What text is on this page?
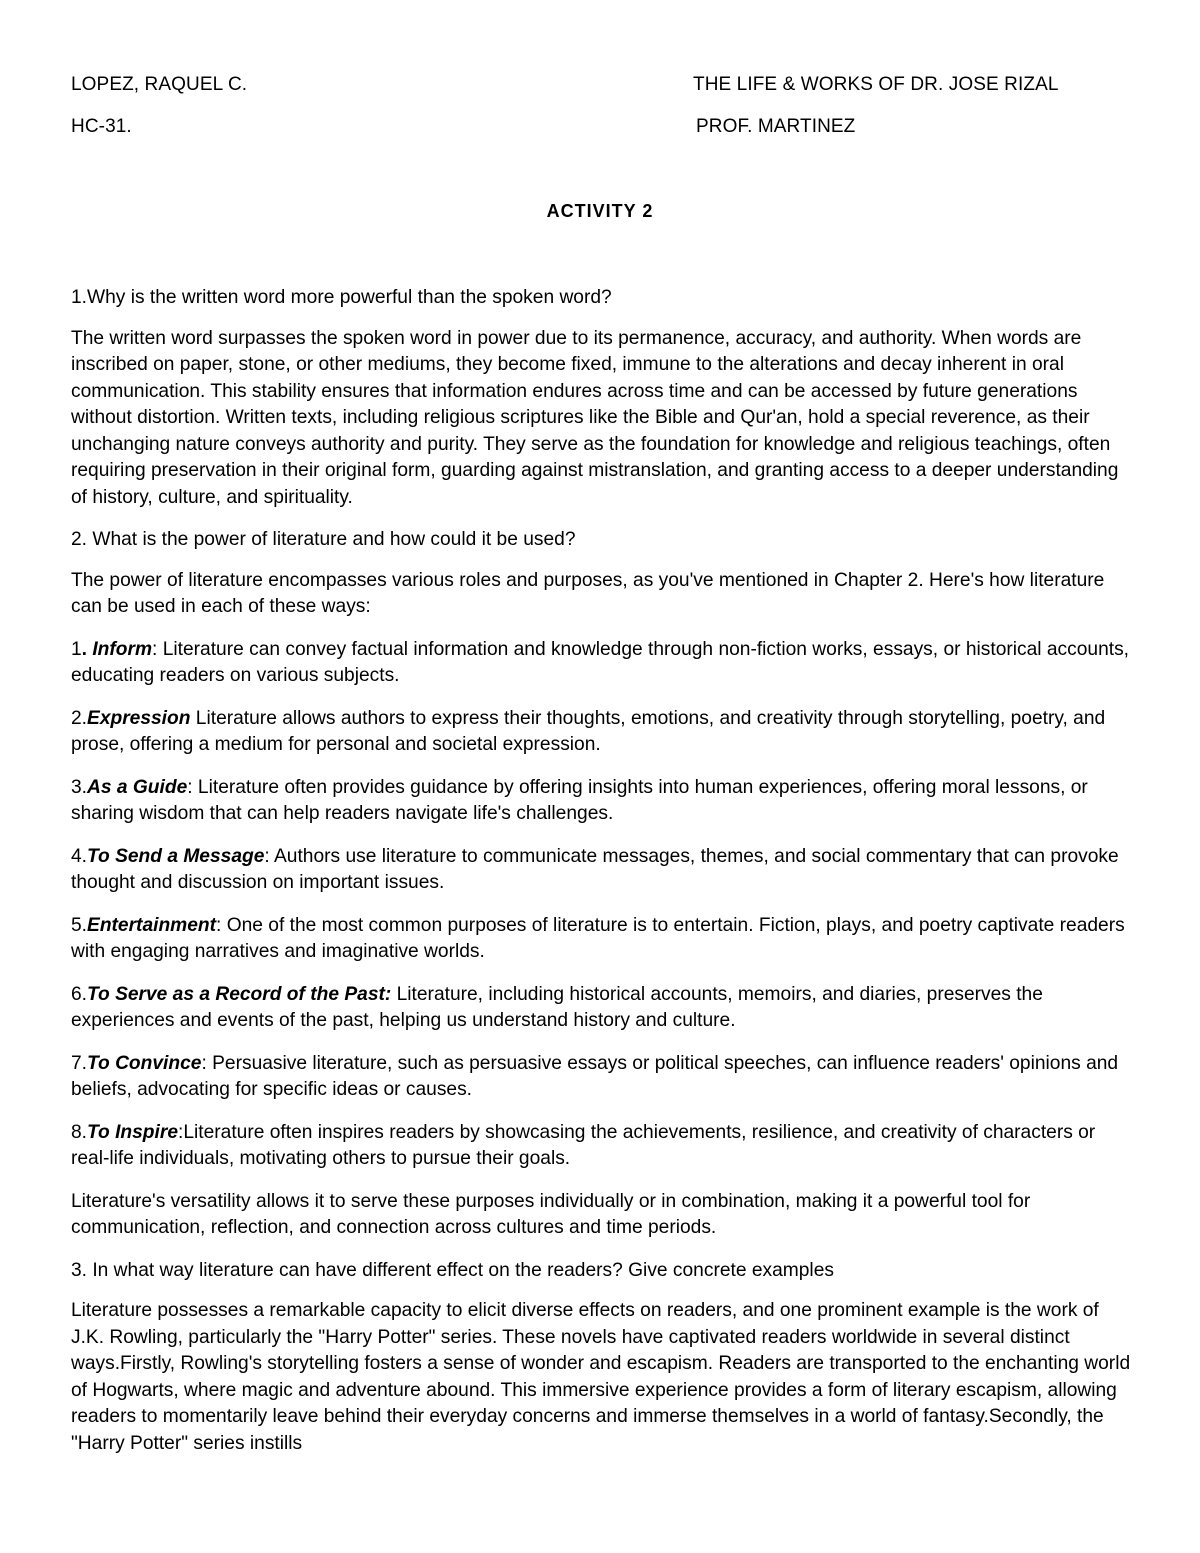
LOPEZ, RAQUEL C.	THE LIFE & WORKS OF DR. JOSE RIZAL
HC-31.	PROF. MARTINEZ
ACTIVITY 2

1.Why is the written word more powerful than the spoken word?

The written word surpasses the spoken word in power due to its permanence, accuracy, and authority. When words are inscribed on paper, stone, or other mediums, they become fixed, immune to the alterations and decay inherent in oral communication. This stability ensures that information endures across time and can be accessed by future generations without distortion. Written texts, including religious scriptures like the Bible and Qur'an, hold a special reverence, as their unchanging nature conveys authority and purity. They serve as the foundation for knowledge and religious teachings, often requiring preservation in their original form, guarding against mistranslation, and granting access to a deeper understanding of history, culture, and spirituality.

2. What is the power of literature and how could it be used?

The power of literature encompasses various roles and purposes, as you've mentioned in Chapter 2. Here's how literature can be used in each of these ways:

1. Inform: Literature can convey factual information and knowledge through non-fiction works, essays, or historical accounts, educating readers on various subjects.

2.Expression Literature allows authors to express their thoughts, emotions, and creativity through storytelling, poetry, and prose, offering a medium for personal and societal expression.

3.As a Guide: Literature often provides guidance by offering insights into human experiences, offering moral lessons, or sharing wisdom that can help readers navigate life's challenges.

4.To Send a Message: Authors use literature to communicate messages, themes, and social commentary that can provoke thought and discussion on important issues.

5.Entertainment: One of the most common purposes of literature is to entertain. Fiction, plays, and poetry captivate readers with engaging narratives and imaginative worlds.

6.To Serve as a Record of the Past: Literature, including historical accounts, memoirs, and diaries, preserves the experiences and events of the past, helping us understand history and culture.

7.To Convince: Persuasive literature, such as persuasive essays or political speeches, can influence readers' opinions and beliefs, advocating for specific ideas or causes.

8.To Inspire:Literature often inspires readers by showcasing the achievements, resilience, and creativity of characters or real-life individuals, motivating others to pursue their goals.

Literature's versatility allows it to serve these purposes individually or in combination, making it a powerful tool for communication, reflection, and connection across cultures and time periods.

3. In what way literature can have different effect on the readers? Give concrete examples

Literature possesses a remarkable capacity to elicit diverse effects on readers, and one prominent example is the work of J.K. Rowling, particularly the "Harry Potter" series. These novels have captivated readers worldwide in several distinct ways.Firstly, Rowling's storytelling fosters a sense of wonder and escapism. Readers are transported to the enchanting world of Hogwarts, where magic and adventure abound. This immersive experience provides a form of literary escapism, allowing readers to momentarily leave behind their everyday concerns and immerse themselves in a world of fantasy.Secondly, the "Harry Potter" series instills
